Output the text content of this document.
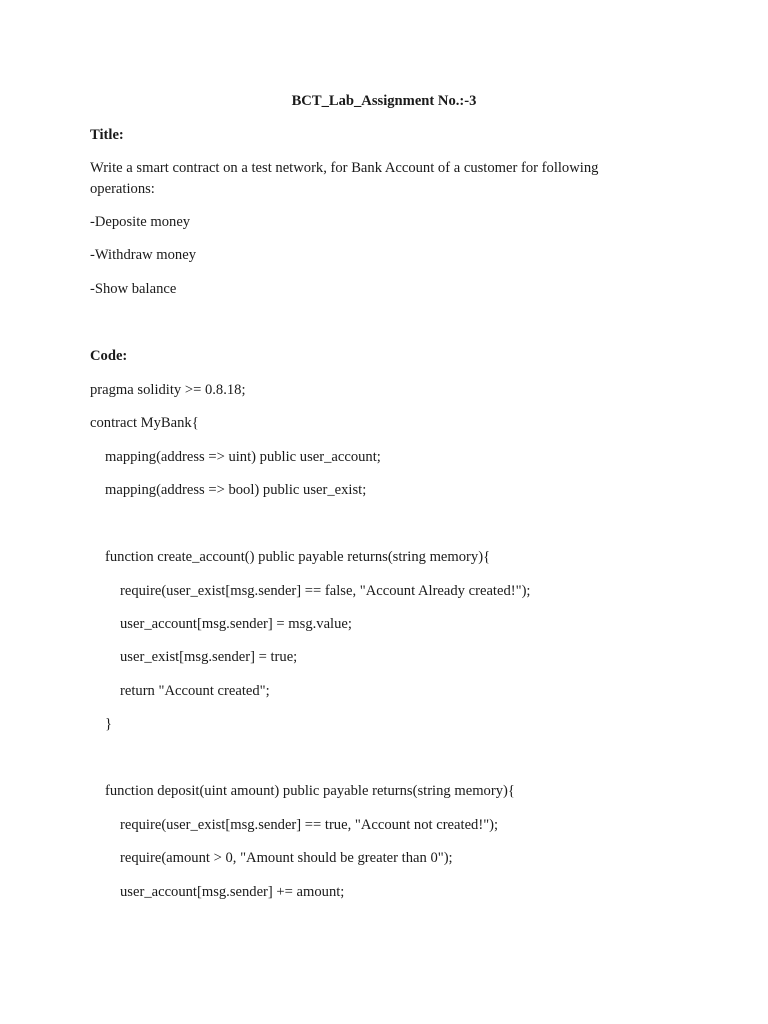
BCT_Lab_Assignment No.:-3
Title:
Write a smart contract on a test network, for Bank Account of a customer for following
operations:
-Deposite money
-Withdraw money
-Show balance
Code:
pragma solidity >= 0.8.18;
contract MyBank{
mapping(address => uint) public user_account;
mapping(address => bool) public user_exist;
function create_account() public payable returns(string memory){
require(user_exist[msg.sender] == false, "Account Already created!");
user_account[msg.sender] = msg.value;
user_exist[msg.sender] = true;
return "Account created";
}
function deposit(uint amount) public payable returns(string memory){
require(user_exist[msg.sender] == true, "Account not created!");
require(amount > 0, "Amount should be greater than 0");
user_account[msg.sender] += amount;
